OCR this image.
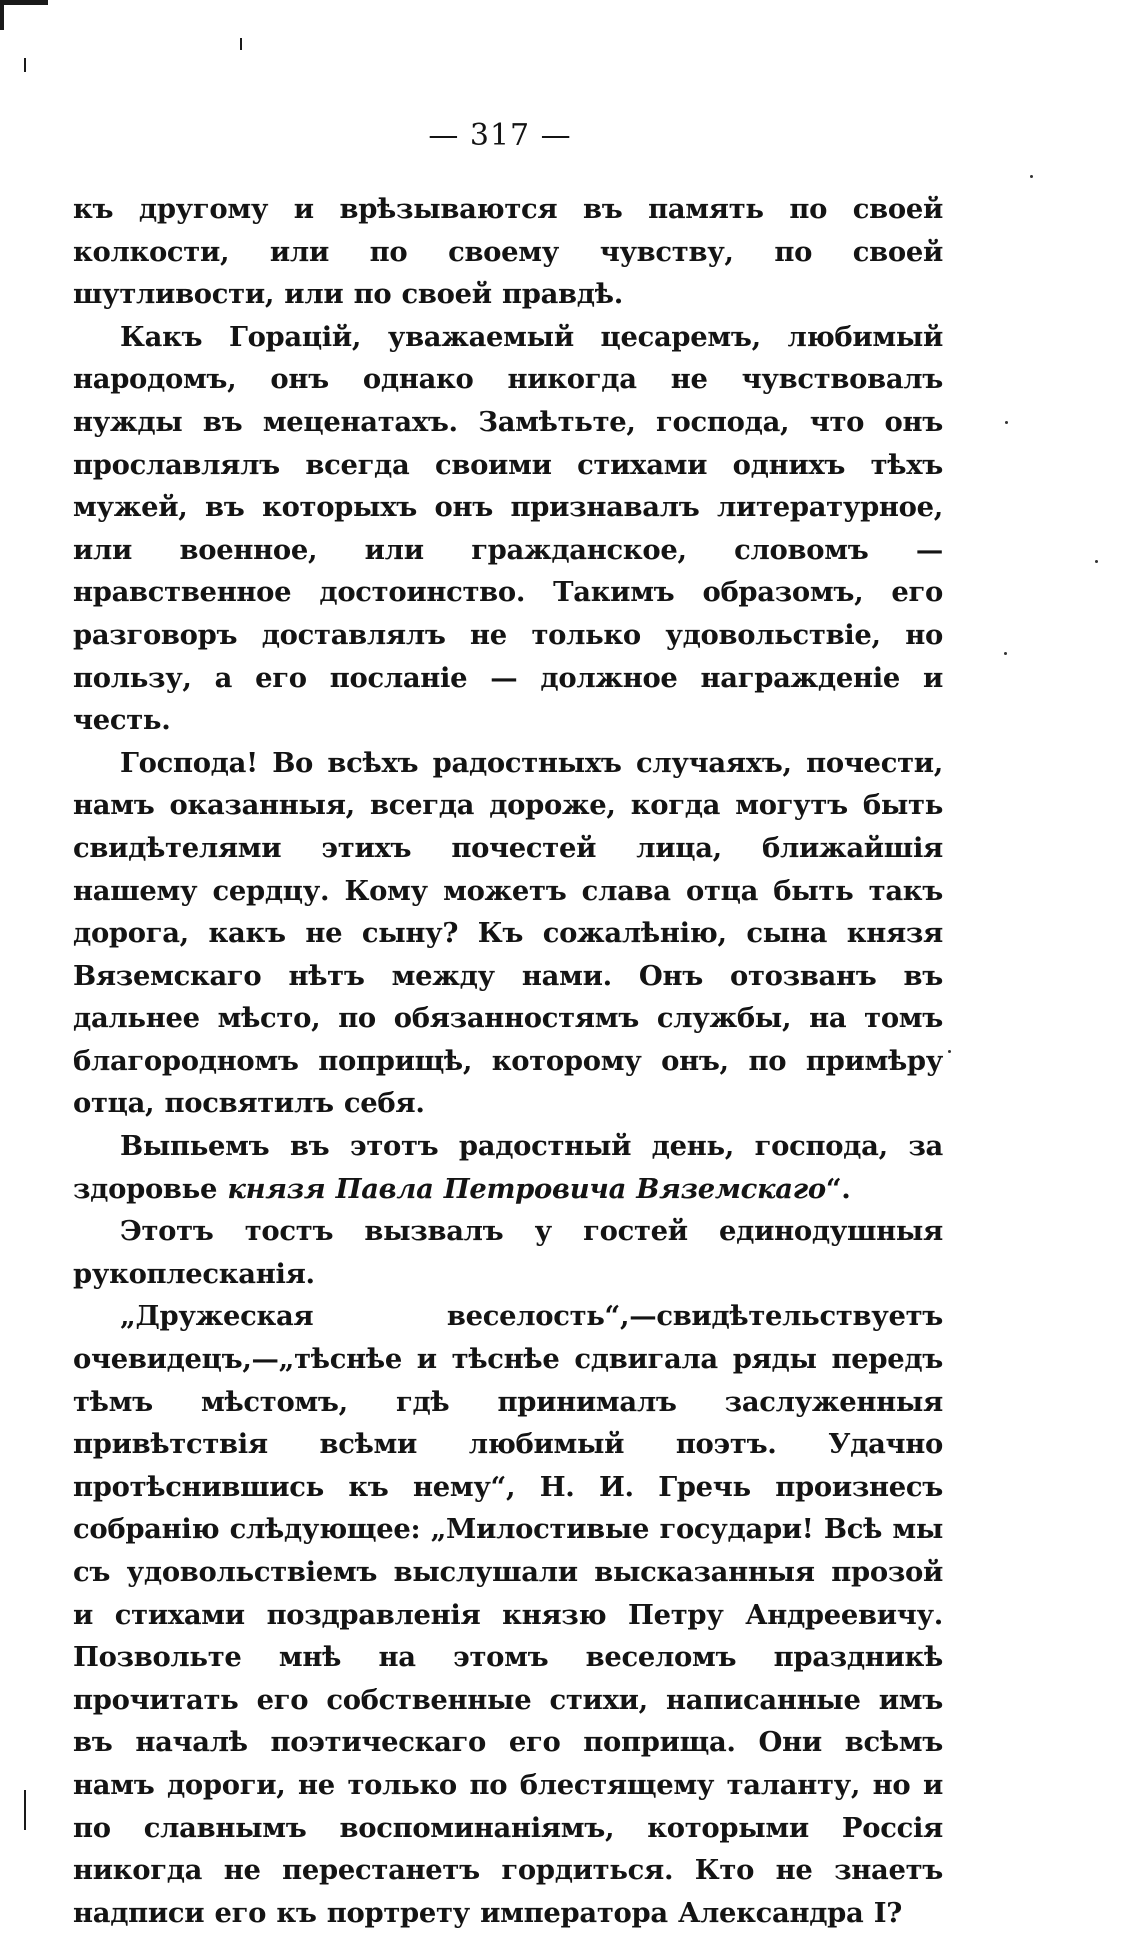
— 317 —

къ другому и врѣзываются въ память по своей колкости, или по своему чувству, по своей шутливости, или по своей правдѣ.

Какъ Горацій, уважаемый цесаремъ, любимый народомъ, онъ однако никогда не чувствовалъ нужды въ меценатахъ. Замѣтьте, господа, что онъ прославлялъ всегда своими стихами однихъ тѣхъ мужей, въ которыхъ онъ признавалъ литературное, или военное, или гражданское, словомъ — нравственное достоинство. Такимъ образомъ, его разговоръ доставлялъ не только удовольствіе, но пользу, а его посланіе — должное награжденіе и честь.

Господа! Во всѣхъ радостныхъ случаяхъ, почести, намъ оказанныя, всегда дороже, когда могутъ быть свидѣтелями этихъ почестей лица, ближайшія нашему сердцу. Кому можетъ слава отца быть такъ дорога, какъ не сыну? Къ сожалѣнію, сына князя Вяземскаго нѣтъ между нами. Онъ отозванъ въ дальнее мѣсто, по обязанностямъ службы, на томъ благородномъ поприщѣ, которому онъ, по примѣру отца, посвятилъ себя.

Выпьемъ въ этотъ радостный день, господа, за здоровье князя Павла Петровича Вяземскаго“.

Этотъ тостъ вызвалъ у гостей единодушныя рукоплесканія.

„Дружеская веселость“,—свидѣтельствуетъ очевидецъ,—„тѣснѣе и тѣснѣе сдвигала ряды передъ тѣмъ мѣстомъ, гдѣ принималъ заслуженныя привѣтствія всѣми любимый поэтъ. Удачно протѣснившись къ нему“, Н. И. Гречь произнесъ собранію слѣдующее: „Милостивые государи! Всѣ мы съ удовольствіемъ выслушали высказанныя прозой и стихами поздравленія князю Петру Андреевичу. Позвольте мнѣ на этомъ веселомъ праздникѣ прочитать его собственные стихи, написанные имъ въ началѣ поэтическаго его поприща. Они всѣмъ намъ дороги, не только по блестящему таланту, но и по славнымъ воспоминаніямъ, которыми Россія никогда не перестанетъ гордиться. Кто не знаетъ надписи его къ портрету императора Александра I?
